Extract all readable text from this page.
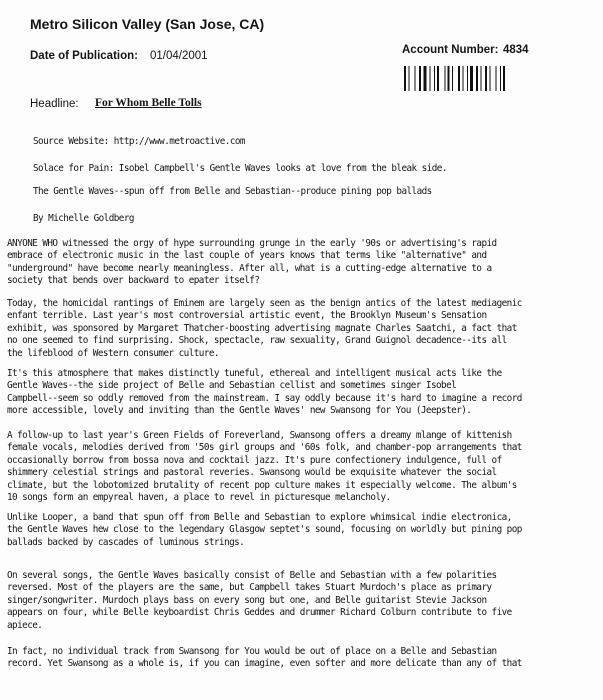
Metro Silicon Valley (San Jose, CA)
Date of Publication: 01/04/2001	Account Number: 4834
Headline: For Whom Belle Tolls
Source Website: http://www.metroactive.com
Solace for Pain: Isobel Campbell's Gentle Waves looks at love from the bleak side.
The Gentle Waves--spun off from Belle and Sebastian--produce pining pop ballads
By Michelle Goldberg
ANYONE WHO witnessed the orgy of hype surrounding grunge in the early '90s or advertising's rapid
embrace of electronic music in the last couple of years knows that terms like "alternative" and
"underground" have become nearly meaningless. After all, what is a cutting-edge alternative to a
society that bends over backward to epater itself?
Today, the homicidal rantings of Eminem are largely seen as the benign antics of the latest mediagenic
enfant terrible. Last year's most controversial artistic event, the Brooklyn Museum's Sensation
exhibit, was sponsored by Margaret Thatcher-boosting advertising magnate Charles Saatchi, a fact that
no one seemed to find surprising. Shock, spectacle, raw sexuality, Grand Guignol decadence--its all
the lifeblood of Western consumer culture.
It's this atmosphere that makes distinctly tuneful, ethereal and intelligent musical acts like the
Gentle Waves--the side project of Belle and Sebastian cellist and sometimes singer Isobel
Campbell--seem so oddly removed from the mainstream. I say oddly because it's hard to imagine a record
more accessible, lovely and inviting than the Gentle Waves' new Swansong for You (Jeepster).
A follow-up to last year's Green Fields of Foreverland, Swansong offers a dreamy mlange of kittenish
female vocals, melodies derived from '50s girl groups and '60s folk, and chamber-pop arrangements that
occasionally borrow from bossa nova and cocktail jazz. It's pure confectionery indulgence, full of
shimmery celestial strings and pastoral reveries. Swansong would be exquisite whatever the social
climate, but the lobotomized brutality of recent pop culture makes it especially welcome. The album's
10 songs form an empyreal haven, a place to revel in picturesque melancholy.
Unlike Looper, a band that spun off from Belle and Sebastian to explore whimsical indie electronica,
the Gentle Waves hew close to the legendary Glasgow septet's sound, focusing on worldly but pining pop
ballads backed by cascades of luminous strings.
On several songs, the Gentle Waves basically consist of Belle and Sebastian with a few polarities
reversed. Most of the players are the same, but Campbell takes Stuart Murdoch's place as primary
singer/songwriter. Murdoch plays bass on every song but one, and Belle guitarist Stevie Jackson
appears on four, while Belle keyboardist Chris Geddes and drummer Richard Colburn contribute to five
apiece.
In fact, no individual track from Swansong for You would be out of place on a Belle and Sebastian
record. Yet Swansong as a whole is, if you can imagine, even softer and more delicate than any of that
